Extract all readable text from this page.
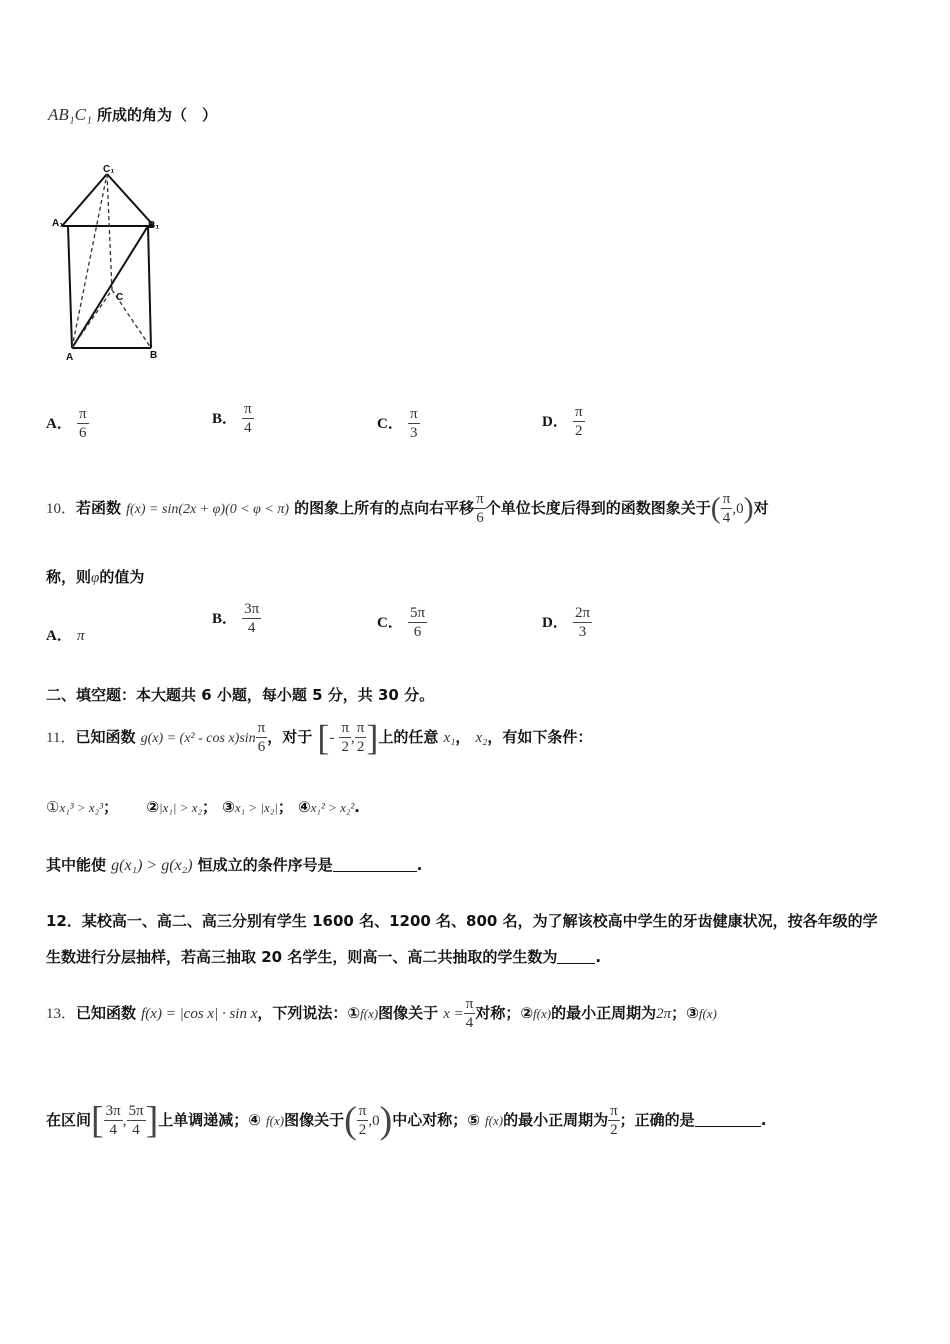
AB₁C₁ 所成的角为（　）
C₁
A₁	B₁
C
A	B
A． $\frac{\pi}{6}$	B． $\frac{\pi}{4}$	C． $\frac{\pi}{3}$	D． $\frac{\pi}{2}$
10．若函数 f(x) = sin(2x + φ)(0 < φ < π) 的图象上所有的点向右平移 $\frac{\pi}{6}$ 个单位长度后得到的函数图象关于( $\frac{\pi}{4} ,0$)对
称，则φ的值为
A． π
B． $\frac{3\pi}{4}$	C． $\frac{5\pi}{6}$	D． $\frac{2\pi}{3}$
二、填空题：本大题共 6 小题，每小题 5 分，共 30 分。
11．已知函数 $g(x) = (x^2 - \cos x)\sin \frac{\pi}{6}$ ，对于 [- $\frac{\pi}{2}$ , $\frac{\pi}{2}$ ]上的任意 x₁， x₂，有如下条件：
①x₁³ > x₂³； ②|x₁| > x₂； ③x₁ > |x₂|； ④x₁² > x₂².
其中能使 g(x₁) > g(x₂) 恒成立的条件序号是	.
12．某校高一、高二、高三分别有学生 1600 名、1200 名、800 名，为了解该校高中学生的牙齿健康状况，按各年级的学
生数进行分层抽样，若高三抽取 20 名学生，则高一、高二共抽取的学生数为	.
13．已知函数 f(x) = |cos x| · sin x，下列说法：①f(x)图像关于 $x = \frac{\pi}{4}$ 对称；②f(x)的最小正周期为2π；③f(x)
在区间[ $\frac{3\pi}{4}$ , $\frac{5\pi}{4}$ ]上单调递减；④ f(x)图像关于( $\frac{\pi}{2} ,0$)中心对称；⑤ f(x)的最小正周期为 $\frac{\pi}{2}$ ；正确的是	.
